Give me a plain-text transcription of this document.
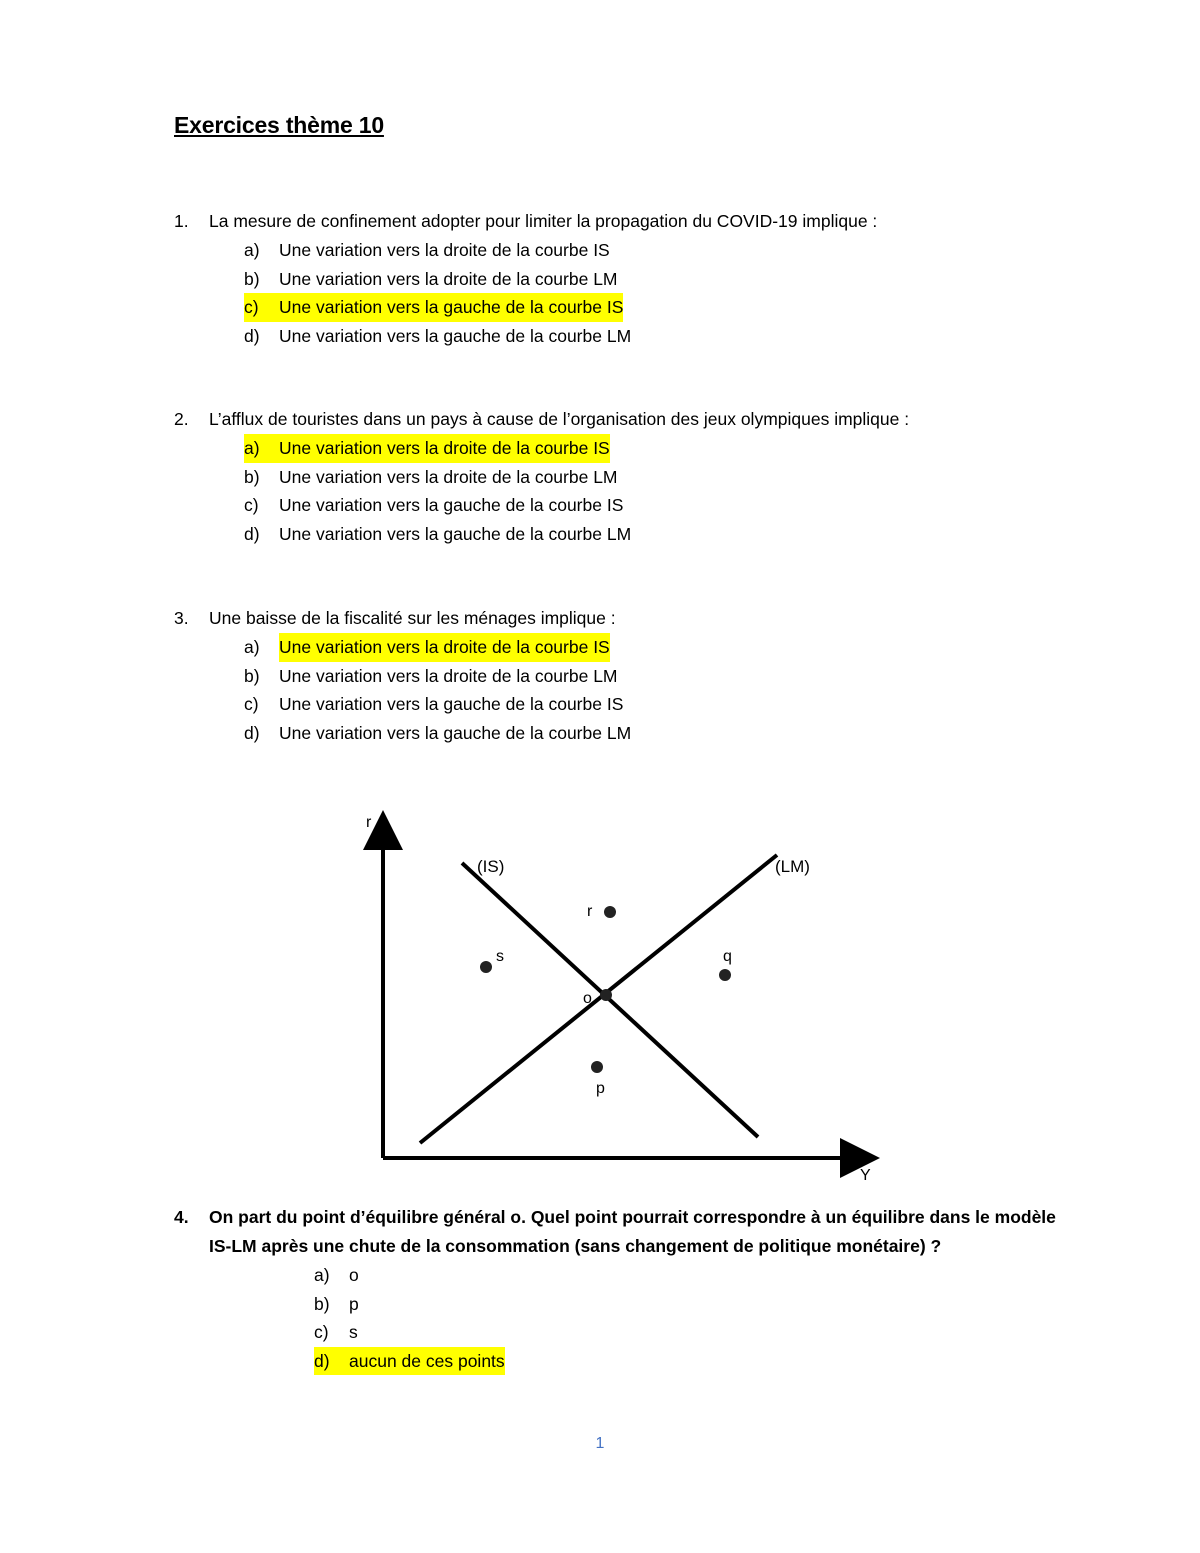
Exercices thème 10
1.	La mesure de confinement adopter pour limiter la propagation du COVID-19 implique :
a)	Une variation vers la droite de la courbe IS
b)	Une variation vers la droite de la courbe LM
c)	Une variation vers la gauche de la courbe IS
d)	Une variation vers la gauche de la courbe LM
2.	L’afflux de touristes dans un pays à cause de l’organisation des jeux olympiques implique :
a)	Une variation vers la droite de la courbe IS
b)	Une variation vers la droite de la courbe LM
c)	Une variation vers la gauche de la courbe IS
d)	Une variation vers la gauche de la courbe LM
3.	Une baisse de la fiscalité sur les ménages implique :
a)	Une variation vers la droite de la courbe IS
b)	Une variation vers la droite de la courbe LM
c)	Une variation vers la gauche de la courbe IS
d)	Une variation vers la gauche de la courbe LM
r
Y
(IS)	(LM)
r
s	q
o
p
4.	On part du point d’équilibre général o. Quel point pourrait correspondre à un équilibre dans le modèle IS-LM après une chute de la consommation (sans changement de politique monétaire) ?
a)	o
b)	p
c)	s
d)	aucun de ces points
1
